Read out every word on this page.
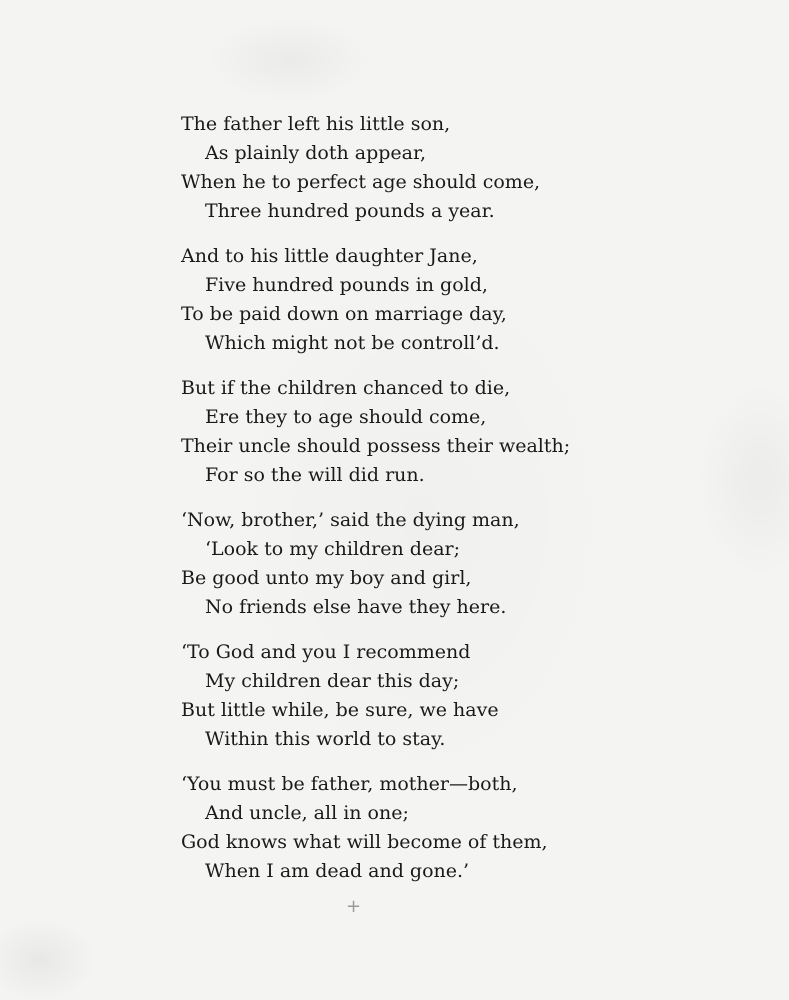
The father left his little son,
As plainly doth appear,
When he to perfect age should come,
Three hundred pounds a year.
And to his little daughter Jane,
Five hundred pounds in gold,
To be paid down on marriage day,
Which might not be controll’d.
But if the children chanced to die,
Ere they to age should come,
Their uncle should possess their wealth;
For so the will did run.
‘Now, brother,’ said the dying man,
‘Look to my children dear;
Be good unto my boy and girl,
No friends else have they here.
‘To God and you I recommend
My children dear this day;
But little while, be sure, we have
Within this world to stay.
‘You must be father, mother—both,
And uncle, all in one;
God knows what will become of them,
When I am dead and gone.’
+
